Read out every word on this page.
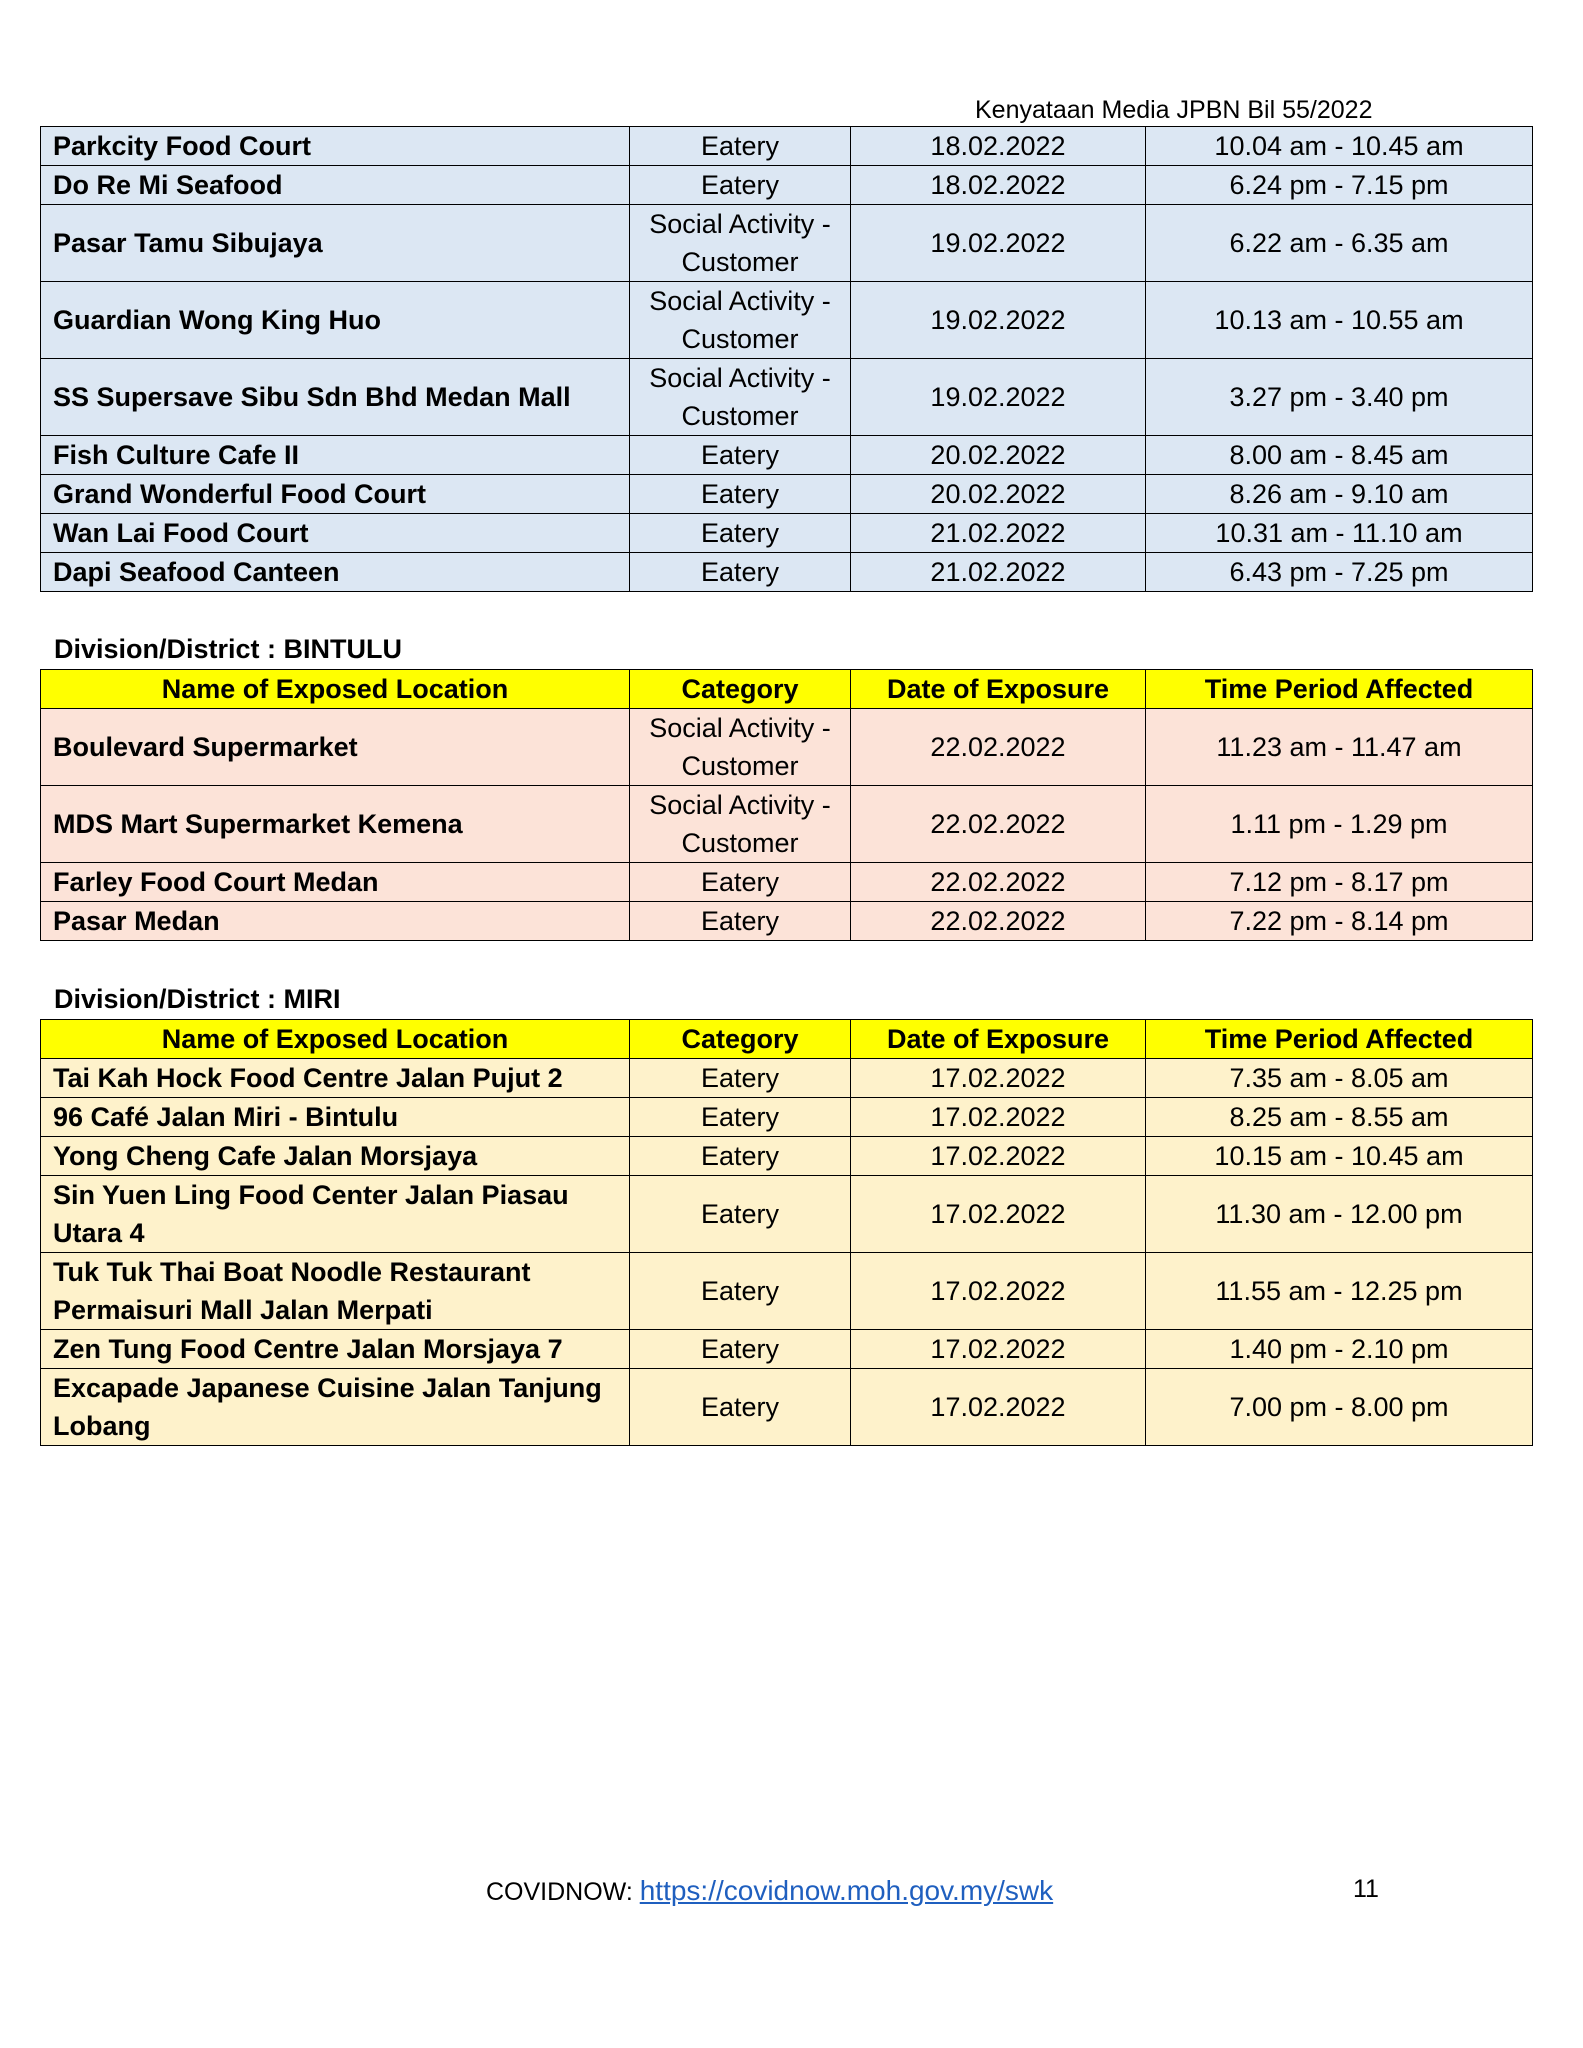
Kenyataan Media JPBN Bil 55/2022
Parkcity Food Court	Eatery	18.02.2022	10.04 am - 10.45 am
Do Re Mi Seafood	Eatery	18.02.2022	6.24 pm - 7.15 pm
Pasar Tamu Sibujaya	Social Activity - Customer	19.02.2022	6.22 am - 6.35 am
Guardian Wong King Huo	Social Activity - Customer	19.02.2022	10.13 am - 10.55 am
SS Supersave Sibu Sdn Bhd Medan Mall	Social Activity - Customer	19.02.2022	3.27 pm - 3.40 pm
Fish Culture Cafe II	Eatery	20.02.2022	8.00 am - 8.45 am
Grand Wonderful Food Court	Eatery	20.02.2022	8.26 am - 9.10 am
Wan Lai Food Court	Eatery	21.02.2022	10.31 am - 11.10 am
Dapi Seafood Canteen	Eatery	21.02.2022	6.43 pm - 7.25 pm
Division/District : BINTULU
Name of Exposed Location	Category	Date of Exposure	Time Period Affected
Boulevard Supermarket	Social Activity - Customer	22.02.2022	11.23 am - 11.47 am
MDS Mart Supermarket Kemena	Social Activity - Customer	22.02.2022	1.11 pm - 1.29 pm
Farley Food Court Medan	Eatery	22.02.2022	7.12 pm - 8.17 pm
Pasar Medan	Eatery	22.02.2022	7.22 pm - 8.14 pm
Division/District : MIRI
Name of Exposed Location	Category	Date of Exposure	Time Period Affected
Tai Kah Hock Food Centre Jalan Pujut 2	Eatery	17.02.2022	7.35 am - 8.05 am
96 Café Jalan Miri - Bintulu	Eatery	17.02.2022	8.25 am - 8.55 am
Yong Cheng Cafe Jalan Morsjaya	Eatery	17.02.2022	10.15 am - 10.45 am
Sin Yuen Ling Food Center Jalan Piasau Utara 4	Eatery	17.02.2022	11.30 am - 12.00 pm
Tuk Tuk Thai Boat Noodle Restaurant Permaisuri Mall Jalan Merpati	Eatery	17.02.2022	11.55 am - 12.25 pm
Zen Tung Food Centre Jalan Morsjaya 7	Eatery	17.02.2022	1.40 pm - 2.10 pm
Excapade Japanese Cuisine Jalan Tanjung Lobang	Eatery	17.02.2022	7.00 pm - 8.00 pm
COVIDNOW: https://covidnow.moh.gov.my/swk	11
